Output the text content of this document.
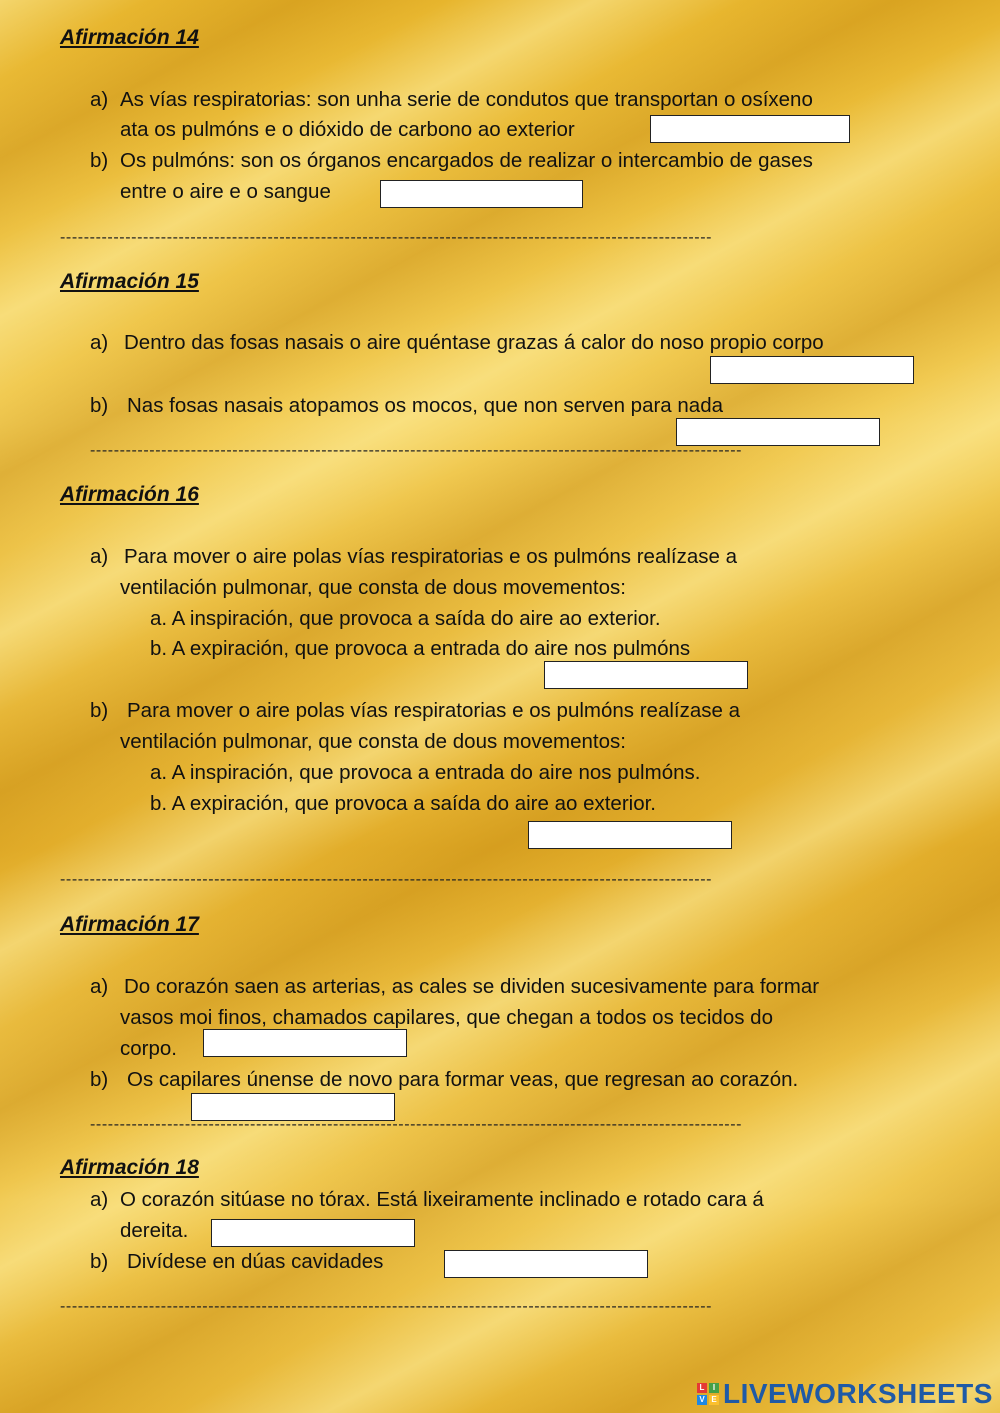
Afirmación 14
a) As vías respiratorias: son unha serie de condutos que transportan o osíxeno
ata os pulmóns e o dióxido de carbono ao exterior
b) Os pulmóns: son os órganos encargados de realizar o intercambio de gases
entre o aire e o sangue
--------------------------------------------------------------------------------------------------------------
Afirmación 15
a) Dentro das fosas nasais o aire quéntase grazas á calor do noso propio corpo
b) Nas fosas nasais atopamos os mocos, que non serven para nada
--------------------------------------------------------------------------------------------------------------
Afirmación 16
a) Para mover o aire polas vías respiratorias e os pulmóns realízase a
ventilación pulmonar, que consta de dous movementos:
a. A inspiración, que provoca a saída do aire ao exterior.
b. A expiración, que provoca a entrada do aire nos pulmóns
b) Para mover o aire polas vías respiratorias e os pulmóns realízase a
ventilación pulmonar, que consta de dous movementos:
a. A inspiración, que provoca a entrada do aire nos pulmóns.
b. A expiración, que provoca a saída do aire ao exterior.
--------------------------------------------------------------------------------------------------------------
Afirmación 17
a) Do corazón saen as arterias, as cales se dividen sucesivamente para formar
vasos moi finos, chamados capilares, que chegan a todos os tecidos do
corpo.
b) Os capilares únense de novo para formar veas, que regresan ao corazón.
--------------------------------------------------------------------------------------------------------------
Afirmación 18
a) O corazón sitúase no tórax. Está lixeiramente inclinado e rotado cara á
dereita.
b) Divídese en dúas cavidades
--------------------------------------------------------------------------------------------------------------
L	I
V E LIVEWORKSHEETS
